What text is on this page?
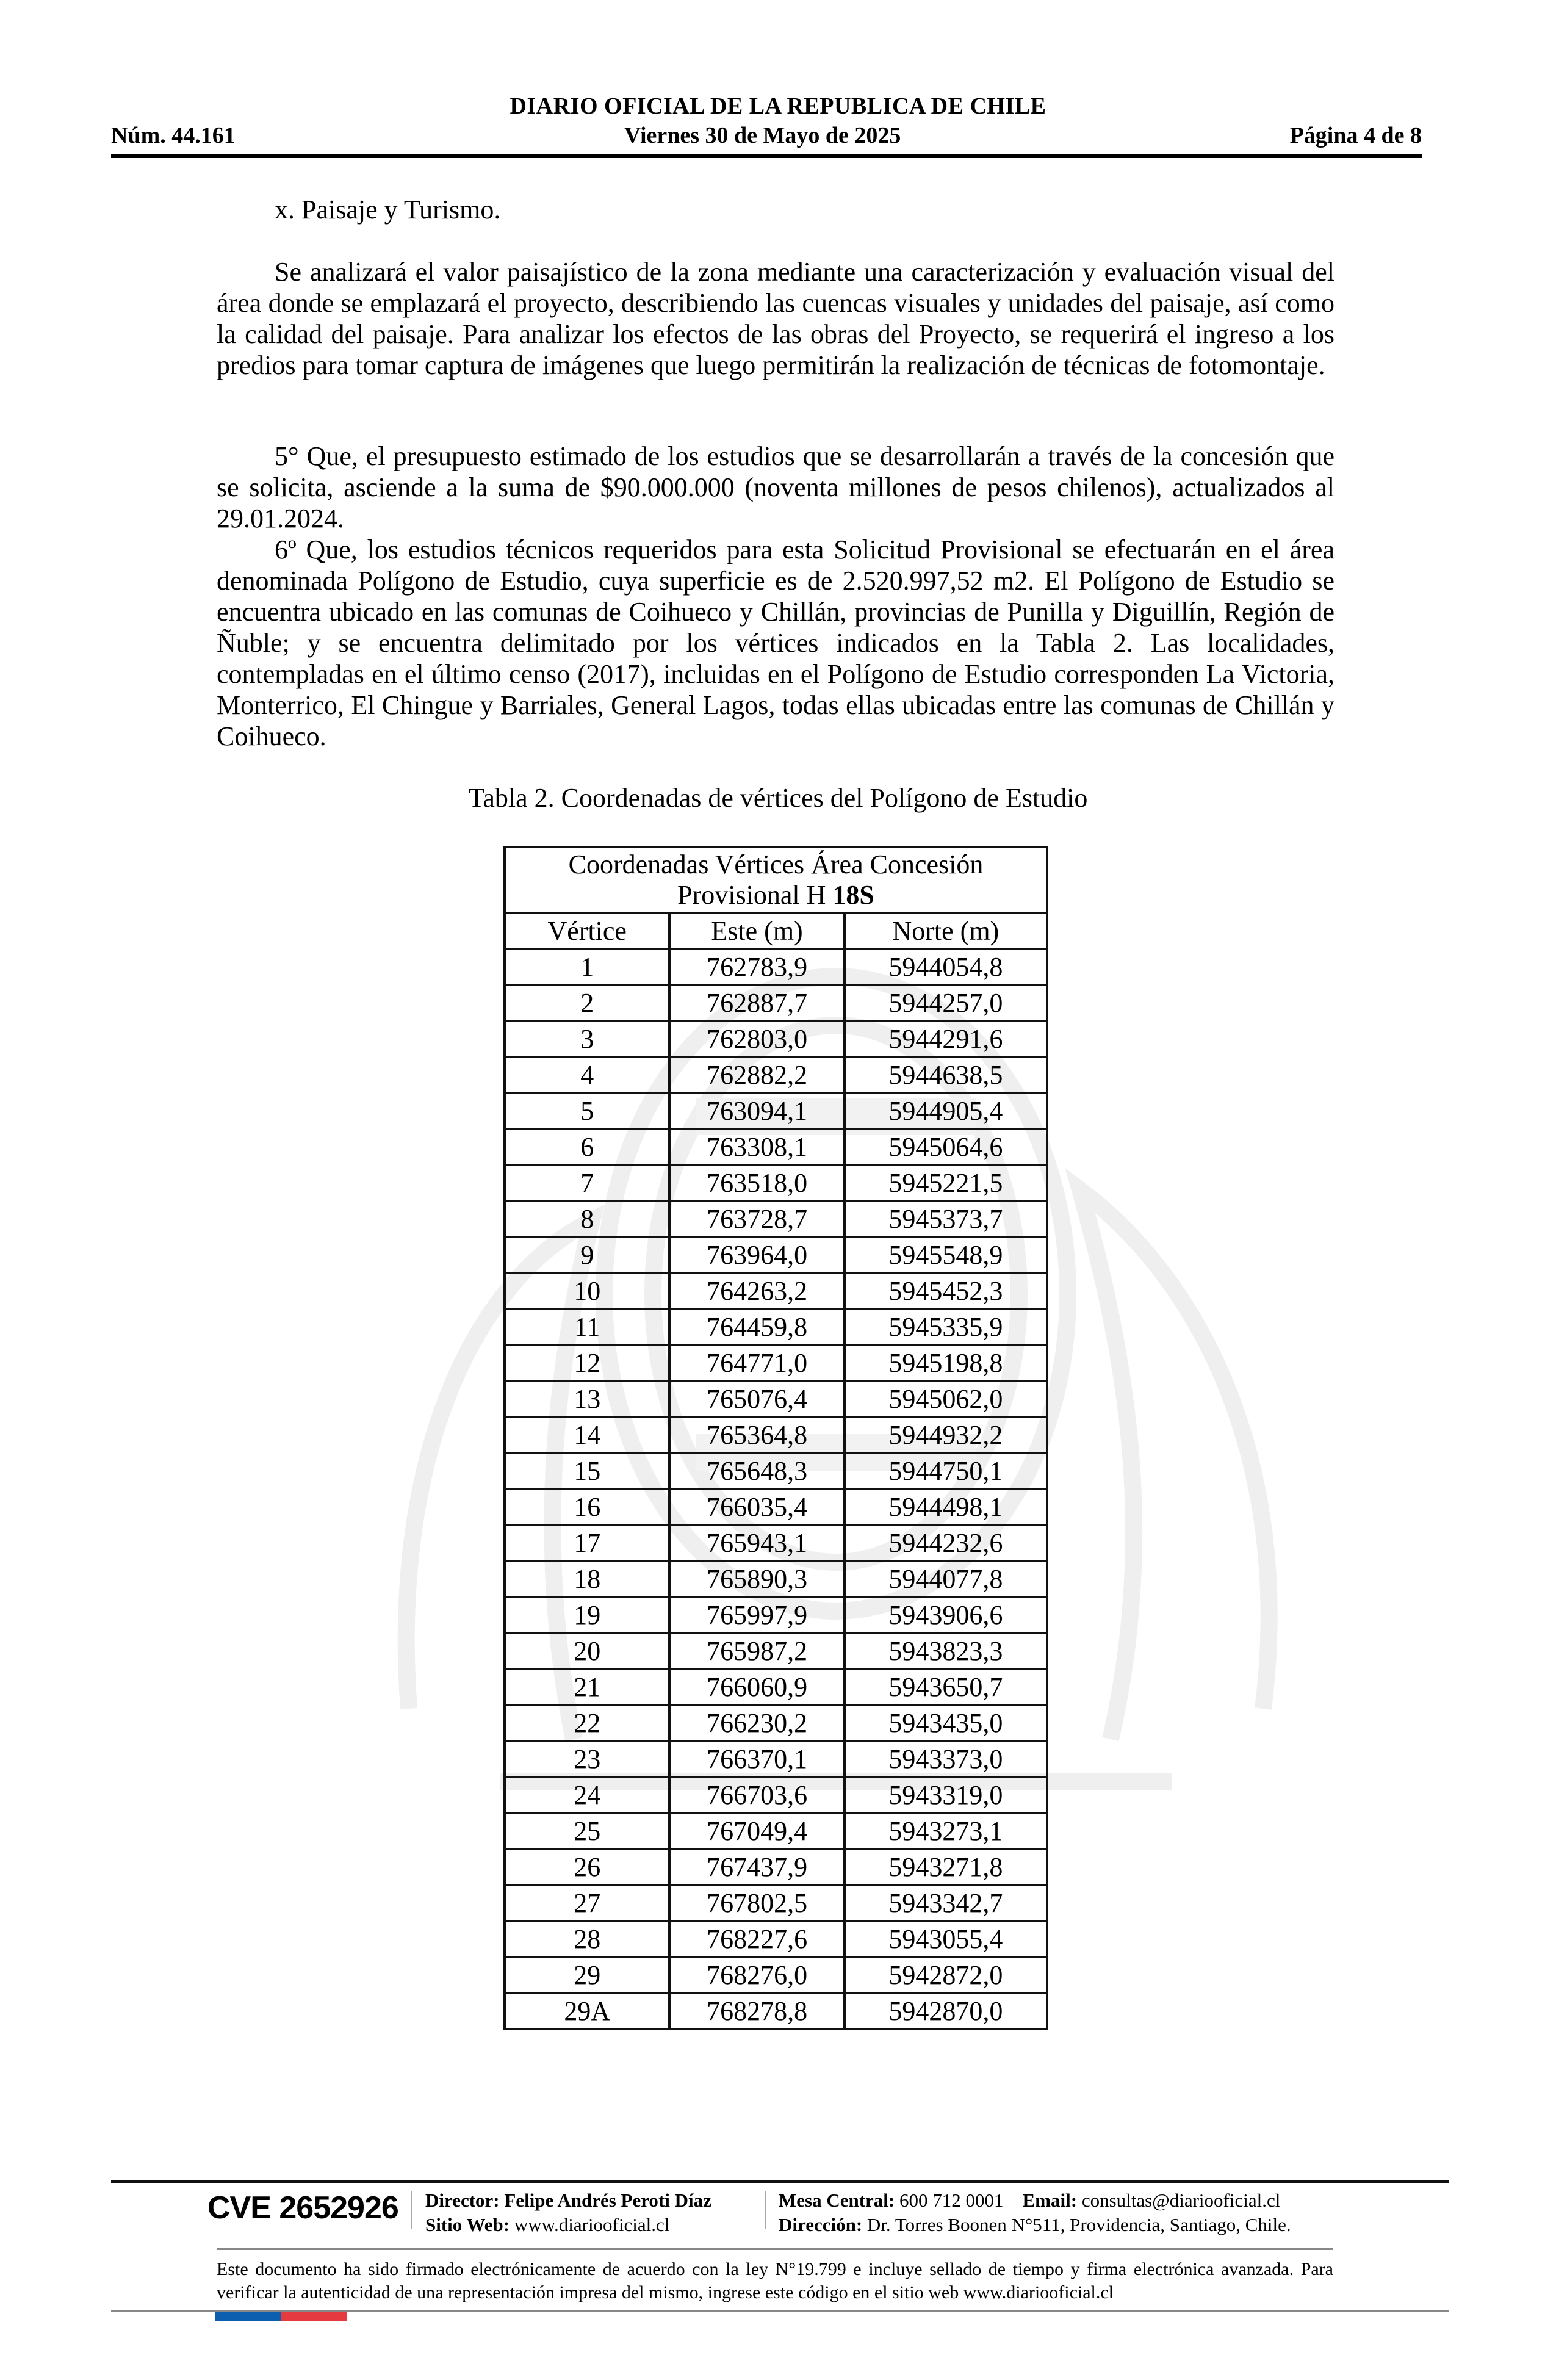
DIARIO OFICIAL DE LA REPUBLICA DE CHILE
Núm. 44.161	Viernes 30 de Mayo de 2025	Página 4 de 8
x. Paisaje y Turismo.
Se analizará el valor paisajístico de la zona mediante una caracterización y evaluación visual del área donde se emplazará el proyecto, describiendo las cuencas visuales y unidades del paisaje, así como la calidad del paisaje. Para analizar los efectos de las obras del Proyecto, se requerirá el ingreso a los predios para tomar captura de imágenes que luego permitirán la realización de técnicas de fotomontaje.
5° Que, el presupuesto estimado de los estudios que se desarrollarán a través de la concesión que se solicita, asciende a la suma de $90.000.000 (noventa millones de pesos chilenos), actualizados al 29.01.2024.
6º Que, los estudios técnicos requeridos para esta Solicitud Provisional se efectuarán en el área denominada Polígono de Estudio, cuya superficie es de 2.520.997,52 m2. El Polígono de Estudio se encuentra ubicado en las comunas de Coihueco y Chillán, provincias de Punilla y Diguillín, Región de Ñuble; y se encuentra delimitado por los vértices indicados en la Tabla 2. Las localidades, contempladas en el último censo (2017), incluidas en el Polígono de Estudio corresponden La Victoria, Monterrico, El Chingue y Barriales, General Lagos, todas ellas ubicadas entre las comunas de Chillán y Coihueco.
Tabla 2. Coordenadas de vértices del Polígono de Estudio
Coordenadas Vértices Área Concesión
Provisional H 18S		
Vértice	Este (m)	Norte (m)
1	762783,9	5944054,8
2	762887,7	5944257,0
3	762803,0	5944291,6
4	762882,2	5944638,5
5	763094,1	5944905,4
6	763308,1	5945064,6
7	763518,0	5945221,5
8	763728,7	5945373,7
9	763964,0	5945548,9
10	764263,2	5945452,3
11	764459,8	5945335,9
12	764771,0	5945198,8
13	765076,4	5945062,0
14	765364,8	5944932,2
15	765648,3	5944750,1
16	766035,4	5944498,1
17	765943,1	5944232,6
18	765890,3	5944077,8
19	765997,9	5943906,6
20	765987,2	5943823,3
21	766060,9	5943650,7
22	766230,2	5943435,0
23	766370,1	5943373,0
24	766703,6	5943319,0
25	767049,4	5943273,1
26	767437,9	5943271,8
27	767802,5	5943342,7
28	768227,6	5943055,4
29	768276,0	5942872,0
29A	768278,8	5942870,0
CVE 2652926 Director: Felipe Andrés Peroti Díaz
Sitio Web: www.diariooficial.cl
Mesa Central: 600 712 0001 Email: consultas@diariooficial.cl
Dirección: Dr. Torres Boonen N°511, Providencia, Santiago, Chile.
Este documento ha sido firmado electrónicamente de acuerdo con la ley N°19.799 e incluye sellado de tiempo y firma electrónica avanzada. Para verificar la autenticidad de una representación impresa del mismo, ingrese este código en el sitio web www.diariooficial.cl
